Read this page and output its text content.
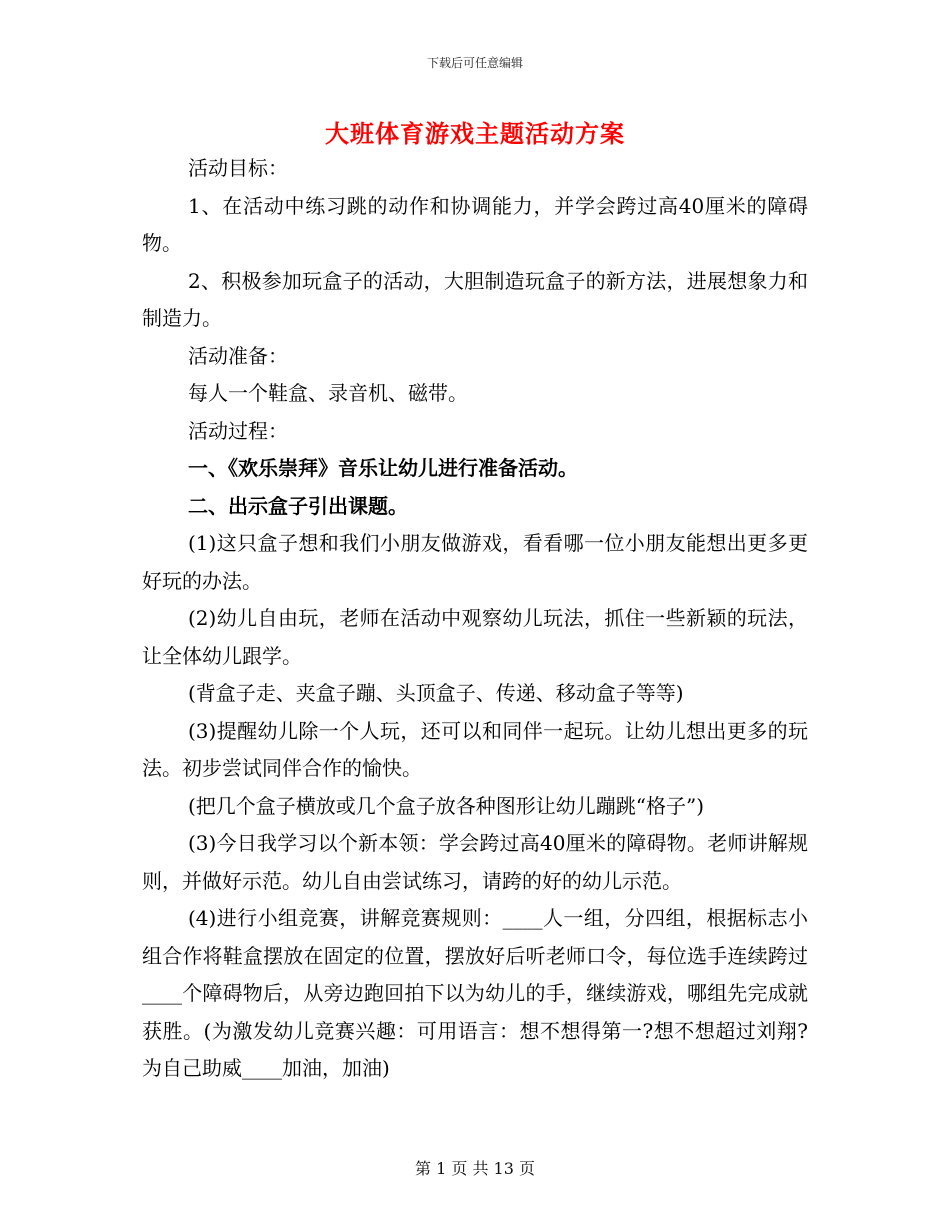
下载后可任意编辑
大班体育游戏主题活动方案

活动目标：

1、在活动中练习跳的动作和协调能力，并学会跨过高40厘米的障碍物。

2、积极参加玩盒子的活动，大胆制造玩盒子的新方法，进展想象力和制造力。

活动准备：

每人一个鞋盒、录音机、磁带。

活动过程：

一、《欢乐崇拜》音乐让幼儿进行准备活动。

二、出示盒子引出课题。

(1)这只盒子想和我们小朋友做游戏，看看哪一位小朋友能想出更多更好玩的办法。

(2)幼儿自由玩，老师在活动中观察幼儿玩法，抓住一些新颖的玩法，让全体幼儿跟学。

(背盒子走、夹盒子蹦、头顶盒子、传递、移动盒子等等)

(3)提醒幼儿除一个人玩，还可以和同伴一起玩。让幼儿想出更多的玩法。初步尝试同伴合作的愉快。

(把几个盒子横放或几个盒子放各种图形让幼儿蹦跳“格子”)

(3)今日我学习以个新本领：学会跨过高40厘米的障碍物。老师讲解规则，并做好示范。幼儿自由尝试练习，请跨的好的幼儿示范。

(4)进行小组竞赛，讲解竞赛规则：____人一组，分四组，根据标志小组合作将鞋盒摆放在固定的位置，摆放好后听老师口令，每位选手连续跨过____个障碍物后，从旁边跑回拍下以为幼儿的手，继续游戏，哪组先完成就获胜。(为激发幼儿竞赛兴趣：可用语言：想不想得第一?想不想超过刘翔?为自己助威____加油，加油)

第 1 页 共 13 页
